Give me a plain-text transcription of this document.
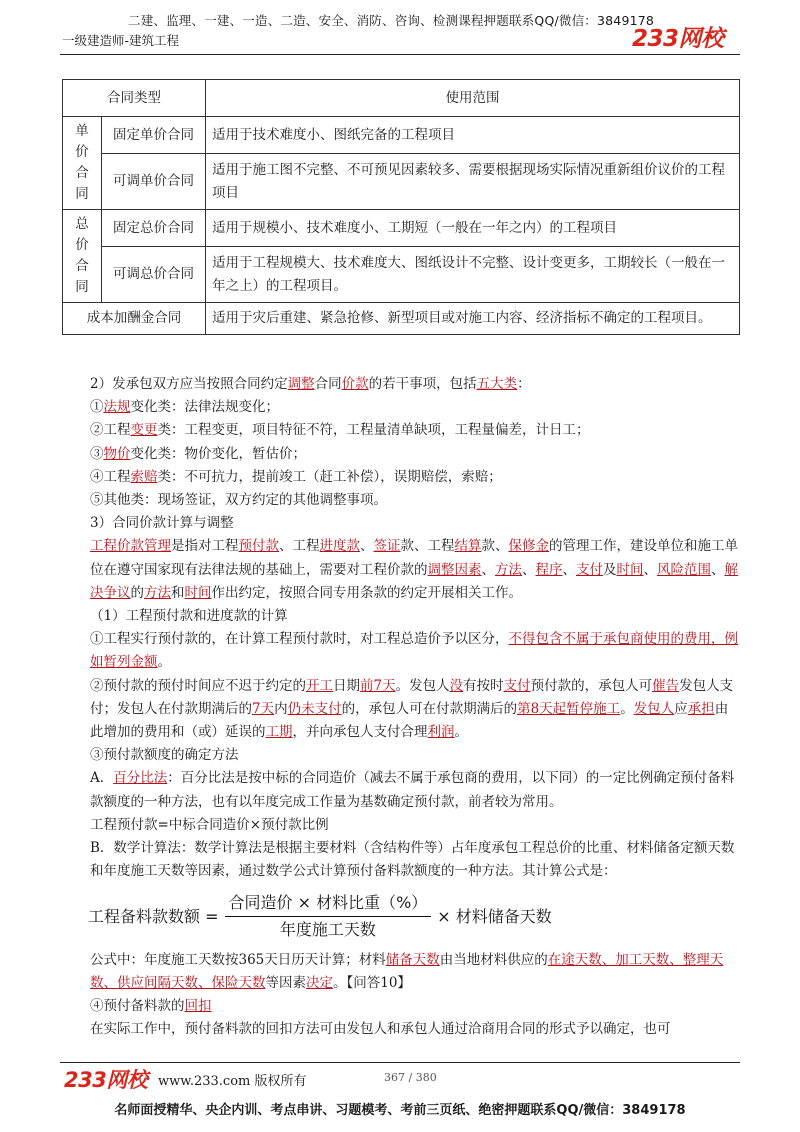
二建、监理、一建、一造、二造、安全、消防、咨询、检测课程押题联系QQ/微信：3849178
一级建造师-建筑工程	233网校
合同类型		使用范围
单价合同	固定单价合同	适用于技术难度小、图纸完备的工程项目
	可调单价合同	适用于施工图不完整、不可预见因素较多、需要根据现场实际情况重新组价议价的工程项目
总价合同	固定总价合同	适用于规模小、技术难度小、工期短（一般在一年之内）的工程项目
	可调总价合同	适用于工程规模大、技术难度大、图纸设计不完整、设计变更多，工期较长（一般在一年之上）的工程项目。
成本加酬金合同		适用于灾后重建、紧急抢修、新型项目或对施工内容、经济指标不确定的工程项目。

2）发承包双方应当按照合同约定调整合同价款的若干事项，包括五大类：

①法规变化类：法律法规变化；

②工程变更类：工程变更，项目特征不符，工程量清单缺项，工程量偏差，计日工；

③物价变化类：物价变化，暂估价；

④工程索赔类：不可抗力，提前竣工（赶工补偿），误期赔偿，索赔；

⑤其他类：现场签证，双方约定的其他调整事项。

3）合同价款计算与调整

工程价款管理是指对工程预付款、工程进度款、签证款、工程结算款、保修金的管理工作，建设单位和施工单位在遵守国家现有法律法规的基础上，需要对工程价款的调整因素、方法、程序、支付及时间、风险范围、解决争议的方法和时间作出约定，按照合同专用条款的约定开展相关工作。

（1）工程预付款和进度款的计算

①工程实行预付款的，在计算工程预付款时，对工程总造价予以区分，不得包含不属于承包商使用的费用，例如暂列金额。

②预付款的预付时间应不迟于约定的开工日期前7天。发包人没有按时支付预付款的，承包人可催告发包人支付；发包人在付款期满后的7天内仍未支付的，承包人可在付款期满后的第8天起暂停施工。发包人应承担由此增加的费用和（或）延误的工期，并向承包人支付合理利润。

③预付款额度的确定方法

A．百分比法：百分比法是按中标的合同造价（减去不属于承包商的费用，以下同）的一定比例确定预付备料款额度的一种方法，也有以年度完成工作量为基数确定预付款，前者较为常用。

工程预付款=中标合同造价×预付款比例

B．数学计算法：数学计算法是根据主要材料（含结构件等）占年度承包工程总价的比重、材料储备定额天数和年度施工天数等因素，通过数学公式计算预付备料款额度的一种方法。其计算公式是：

工程备料款数额 = $\frac{\text{合同造价 × 材料比重（\%）}}{\text{年度施工天数}}$ × 材料储备天数

公式中：年度施工天数按365天日历天计算；材料储备天数由当地材料供应的在途天数、加工天数、整理天数、供应间隔天数、保险天数等因素决定。【问答10】

④预付备料款的回扣

在实际工作中，预付备料款的回扣方法可由发包人和承包人通过洽商用合同的形式予以确定，也可

233网校 www.233.com 版权所有	367 / 380
名师面授精华、央企内训、考点串讲、习题模考、考前三页纸、绝密押题联系QQ/微信：3849178
